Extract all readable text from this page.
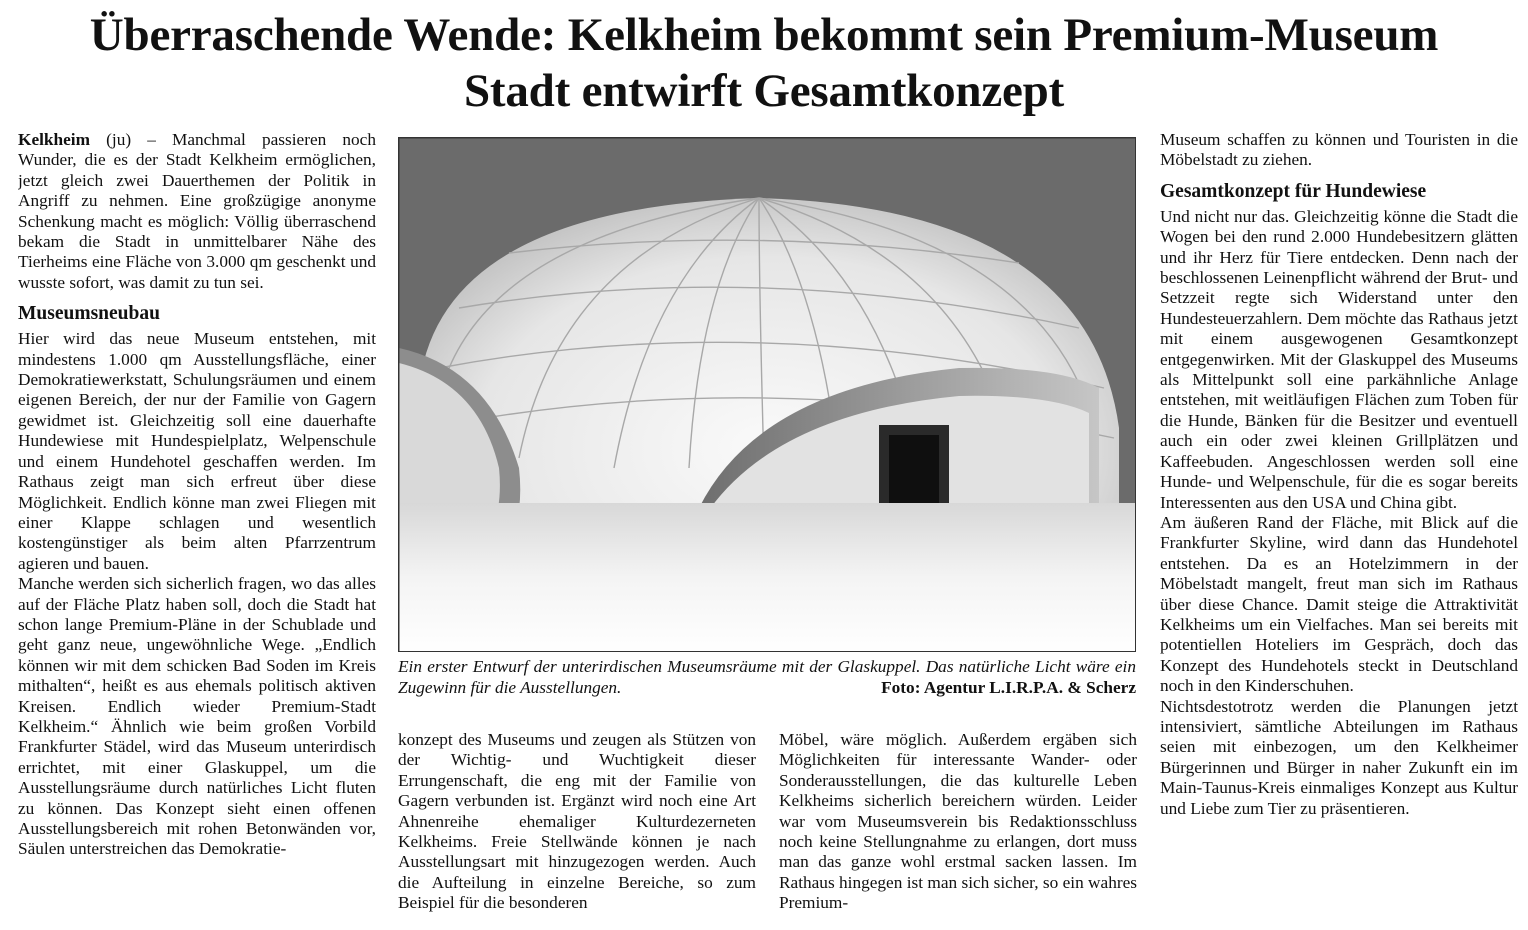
Überraschende Wende: Kelkheim bekommt sein Premium-Museum
Stadt entwirft Gesamtkonzept

Kelkheim (ju) – Manchmal passieren noch Wunder, die es der Stadt Kelkheim ermöglichen, jetzt gleich zwei Dauerthemen der Politik in Angriff zu nehmen. Eine großzügige anonyme Schenkung macht es möglich: Völlig überraschend bekam die Stadt in unmittelbarer Nähe des Tierheims eine Fläche von 3.000 qm geschenkt und wusste sofort, was damit zu tun sei.

Museumsneubau

Hier wird das neue Museum entstehen, mit mindestens 1.000 qm Ausstellungsfläche, einer Demokratiewerkstatt, Schulungsräumen und einem eigenen Bereich, der nur der Familie von Gagern gewidmet ist. Gleichzeitig soll eine dauerhafte Hundewiese mit Hundespielplatz, Welpenschule und einem Hundehotel geschaffen werden. Im Rathaus zeigt man sich erfreut über diese Möglichkeit. Endlich könne man zwei Fliegen mit einer Klappe schlagen und wesentlich kostengünstiger als beim alten Pfarrzentrum agieren und bauen.

Manche werden sich sicherlich fragen, wo das alles auf der Fläche Platz haben soll, doch die Stadt hat schon lange Premium-Pläne in der Schublade und geht ganz neue, ungewöhnliche Wege. „Endlich können wir mit dem schicken Bad Soden im Kreis mithalten“, heißt es aus ehemals politisch aktiven Kreisen. Endlich wieder Premium-Stadt Kelkheim.“ Ähnlich wie beim großen Vorbild Frankfurter Städel, wird das Museum unterirdisch errichtet, mit einer Glaskuppel, um die Ausstellungsräume durch natürliches Licht fluten zu können. Das Konzept sieht einen offenen Ausstellungsbereich mit rohen Betonwänden vor, Säulen unterstreichen das Demokratie-

Ein erster Entwurf der unterirdischen Museumsräume mit der Glaskuppel. Das natürliche Licht wäre ein Zugewinn für die Ausstellungen.	Foto: Agentur L.I.R.P.A. & Scherz

konzept des Museums und zeugen als Stützen von der Wichtig- und Wuchtigkeit dieser Errungenschaft, die eng mit der Familie von Gagern verbunden ist. Ergänzt wird noch eine Art Ahnenreihe ehemaliger Kulturdezerneten Kelkheims. Freie Stellwände können je nach Ausstellungsart mit hinzugezogen werden. Auch die Aufteilung in einzelne Bereiche, so zum Beispiel für die besonderen

Möbel, wäre möglich. Außerdem ergäben sich Möglichkeiten für interessante Wander- oder Sonderausstellungen, die das kulturelle Leben Kelkheims sicherlich bereichern würden. Leider war vom Museumsverein bis Redaktionsschluss noch keine Stellungnahme zu erlangen, dort muss man das ganze wohl erstmal sacken lassen. Im Rathaus hingegen ist man sich sicher, so ein wahres Premium-

Museum schaffen zu können und Touristen in die Möbelstadt zu ziehen.

Gesamtkonzept für Hundewiese

Und nicht nur das. Gleichzeitig könne die Stadt die Wogen bei den rund 2.000 Hundebesitzern glätten und ihr Herz für Tiere entdecken. Denn nach der beschlossenen Leinenpflicht während der Brut- und Setzzeit regte sich Widerstand unter den Hundesteuerzahlern. Dem möchte das Rathaus jetzt mit einem ausgewogenen Gesamtkonzept entgegenwirken. Mit der Glaskuppel des Museums als Mittelpunkt soll eine parkähnliche Anlage entstehen, mit weitläufigen Flächen zum Toben für die Hunde, Bänken für die Besitzer und eventuell auch ein oder zwei kleinen Grillplätzen und Kaffeebuden. Angeschlossen werden soll eine Hunde- und Welpenschule, für die es sogar bereits Interessenten aus den USA und China gibt.

Am äußeren Rand der Fläche, mit Blick auf die Frankfurter Skyline, wird dann das Hundehotel entstehen. Da es an Hotelzimmern in der Möbelstadt mangelt, freut man sich im Rathaus über diese Chance. Damit steige die Attraktivität Kelkheims um ein Vielfaches. Man sei bereits mit potentiellen Hoteliers im Gespräch, doch das Konzept des Hundehotels steckt in Deutschland noch in den Kinderschuhen.

Nichtsdestotrotz werden die Planungen jetzt intensiviert, sämtliche Abteilungen im Rathaus seien mit einbezogen, um den Kelkheimer Bürgerinnen und Bürger in naher Zukunft ein im Main-Taunus-Kreis einmaliges Konzept aus Kultur und Liebe zum Tier zu präsentieren.
